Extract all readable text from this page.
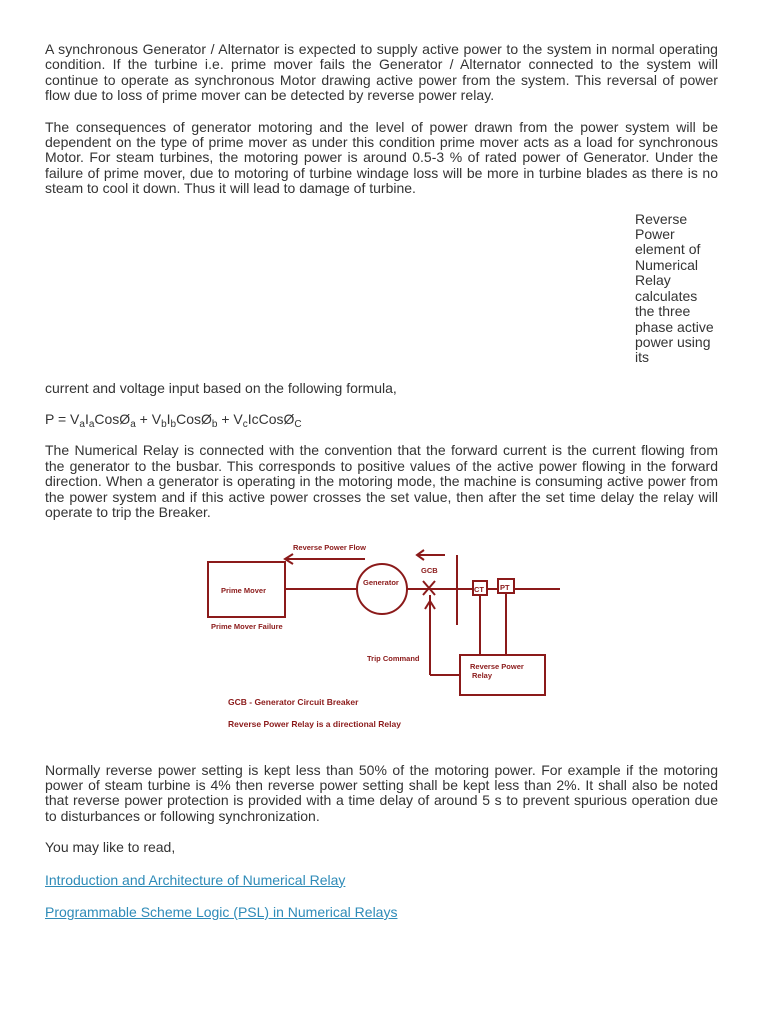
A synchronous Generator / Alternator is expected to supply active power to the system in normal operating condition. If the turbine i.e. prime mover fails the Generator / Alternator connected to the system will continue to operate as synchronous Motor drawing active power from the system. This reversal of power flow due to loss of prime mover can be detected by reverse power relay.

The consequences of generator motoring and the level of power drawn from the power system will be dependent on the type of prime mover as under this condition prime mover acts as a load for synchronous Motor. For steam turbines, the motoring power is around 0.5-3 % of rated power of Generator. Under the failure of prime mover, due to motoring of turbine windage loss will be more in turbine blades as there is no steam to cool it down. Thus it will lead to damage of turbine.

Reverse Power element of Numerical Relay calculates the three phase active power using its

current and voltage input based on the following formula,

$P = V_aI_aCosØ_a$ + $V_bI_bCosØ_b$ + $V_cIcCosØ_C$

The Numerical Relay is connected with the convention that the forward current is the current flowing from the generator to the busbar. This corresponds to positive values of the active power flowing in the forward direction. When a generator is operating in the motoring mode, the machine is consuming active power from the power system and if this active power crosses the set value, then after the set time delay the relay will operate to trip the Breaker.

Reverse Power Flow
Prime Mover
Prime Mover Failure
Generator
GCB
CT PT
Trip Command
Reverse Power
Relay
GCB - Generator Circuit Breaker
Reverse Power Relay is a directional Relay

Normally reverse power setting is kept less than 50% of the motoring power. For example if the motoring power of steam turbine is 4% then reverse power setting shall be kept less than 2%. It shall also be noted that reverse power protection is provided with a time delay of around 5 s to prevent spurious operation due to disturbances or following synchronization.

You may like to read,

Introduction and Architecture of Numerical Relay
Programmable Scheme Logic (PSL) in Numerical Relays
